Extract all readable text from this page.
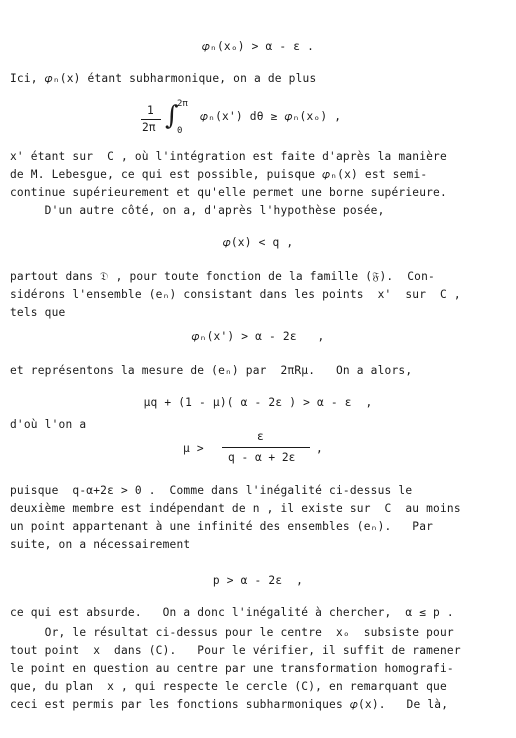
𝜑ₙ(xₒ) > α - ε .
Ici, 𝜑ₙ(x) étant subharmonique, on a de plus
1
2π ∫
2π
0
𝜑ₙ(x') dθ ≥ 𝜑ₙ(xₒ) ,
x' étant sur  C , où l'intégration est faite d'après la manière
de M. Lebesgue, ce qui est possible, puisque 𝜑ₙ(x) est semi-
continue supérieurement et qu'elle permet une borne supérieure.
D'un autre côté, on a, d'après l'hypothèse posée,
𝜑(x) < q ,
partout dans 𝔇 , pour toute fonction de la famille (𝔉).  Con-
sidérons l'ensemble (eₙ) consistant dans les points  x'  sur  C ,
tels que
𝜑ₙ(x') > α - 2ε   ,
et représentons la mesure de (eₙ) par  2πRμ.   On a alors,
μq + (1 - μ)( α - 2ε ) > α - ε  ,
d'où l'on a
μ >
ε
q - α + 2ε
,
puisque  q-α+2ε > 0 .  Comme dans l'inégalité ci-dessus le
deuxième membre est indépendant de n , il existe sur  C  au moins
un point appartenant à une infinité des ensembles (eₙ).   Par
suite, on a nécessairement
p > α - 2ε  ,
ce qui est absurde.   On a donc l'inégalité à chercher,  α ≤ p .
Or, le résultat ci-dessus pour le centre  xₒ  subsiste pour
tout point  x  dans (C).   Pour le vérifier, il suffit de ramener
le point en question au centre par une transformation homografi-
que, du plan  x , qui respecte le cercle (C), en remarquant que
ceci est permis par les fonctions subharmoniques 𝜑(x).   De là,
